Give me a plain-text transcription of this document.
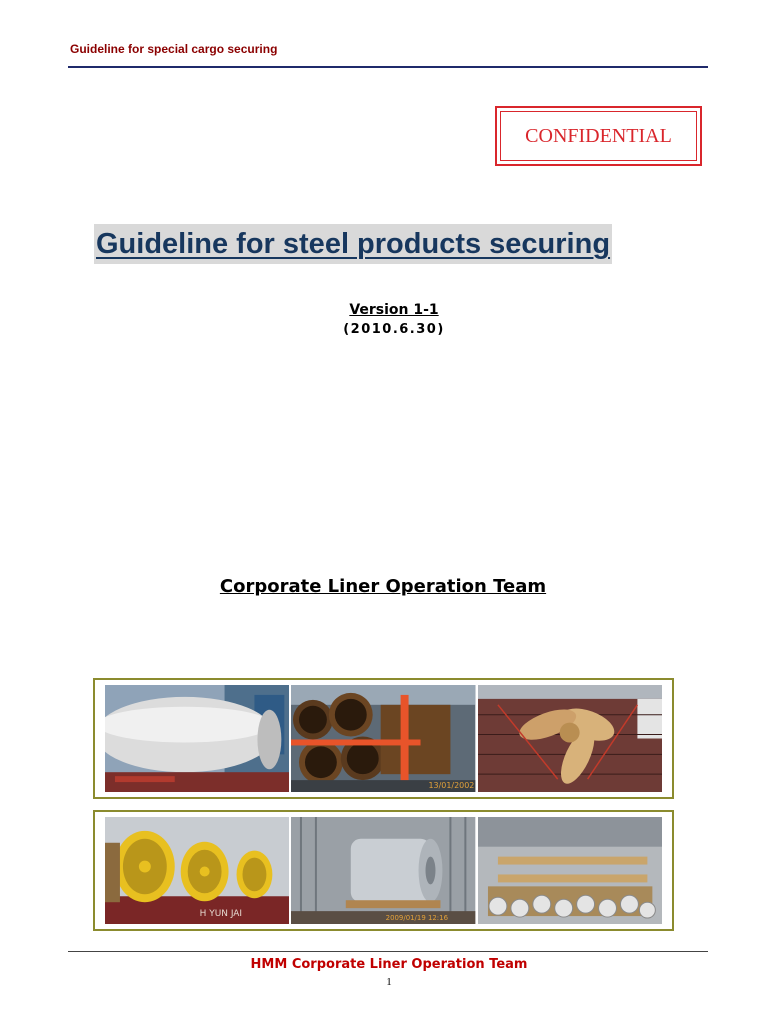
Guideline for special cargo securing
CONFIDENTIAL
Guideline for steel products securing
Version 1-1
(2010.6.30)
Corporate Liner Operation Team
13/01/2002
H YUN JAI	2009/01/19 12:16
HMM Corporate Liner Operation Team
1
